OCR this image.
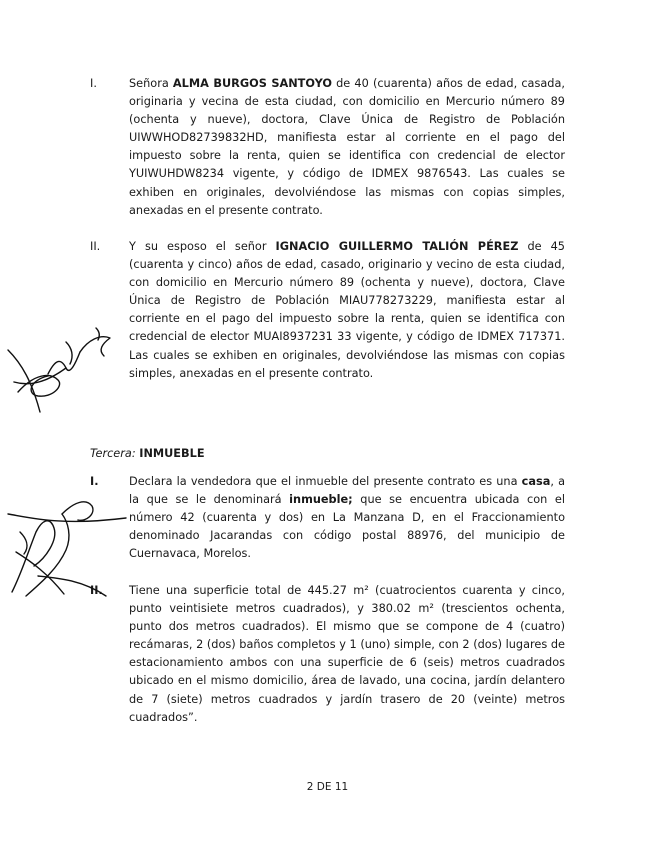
I.	Señora ALMA BURGOS SANTOYO de 40 (cuarenta) años de edad, casada, originaria y vecina de esta ciudad, con domicilio en Mercurio número 89 (ochenta y nueve), doctora, Clave Única de Registro de Población UIWWHOD82739832HD, manifiesta estar al corriente en el pago del impuesto sobre la renta, quien se identifica con credencial de elector YUIWUHDW8234 vigente, y código de IDMEX 9876543. Las cuales se exhiben en originales, devolviéndose las mismas con copias simples, anexadas en el presente contrato.
II.	Y su esposo el señor IGNACIO GUILLERMO TALIÓN PÉREZ de 45 (cuarenta y cinco) años de edad, casado, originario y vecino de esta ciudad, con domicilio en Mercurio número 89 (ochenta y nueve), doctora, Clave Única de Registro de Población MIAU778273229, manifiesta estar al corriente en el pago del impuesto sobre la renta, quien se identifica con credencial de elector MUAI8937231 33 vigente, y código de IDMEX 717371. Las cuales se exhiben en originales, devolviéndose las mismas con copias simples, anexadas en el presente contrato.
Tercera: INMUEBLE
I.	Declara la vendedora que el inmueble del presente contrato es una casa, a la que se le denominará inmueble; que se encuentra ubicada con el número 42 (cuarenta y dos) en La Manzana D, en el Fraccionamiento denominado Jacarandas con código postal 88976, del municipio de Cuernavaca, Morelos.
II.	Tiene una superficie total de 445.27 m² (cuatrocientos cuarenta y cinco, punto veintisiete metros cuadrados), y 380.02 m² (trescientos ochenta, punto dos metros cuadrados). El mismo que se compone de 4 (cuatro) recámaras, 2 (dos) baños completos y 1 (uno) simple, con 2 (dos) lugares de estacionamiento ambos con una superficie de 6 (seis) metros cuadrados ubicado en el mismo domicilio, área de lavado, una cocina, jardín delantero de 7 (siete) metros cuadrados y jardín trasero de 20 (veinte) metros cuadrados”.
2 DE 11
